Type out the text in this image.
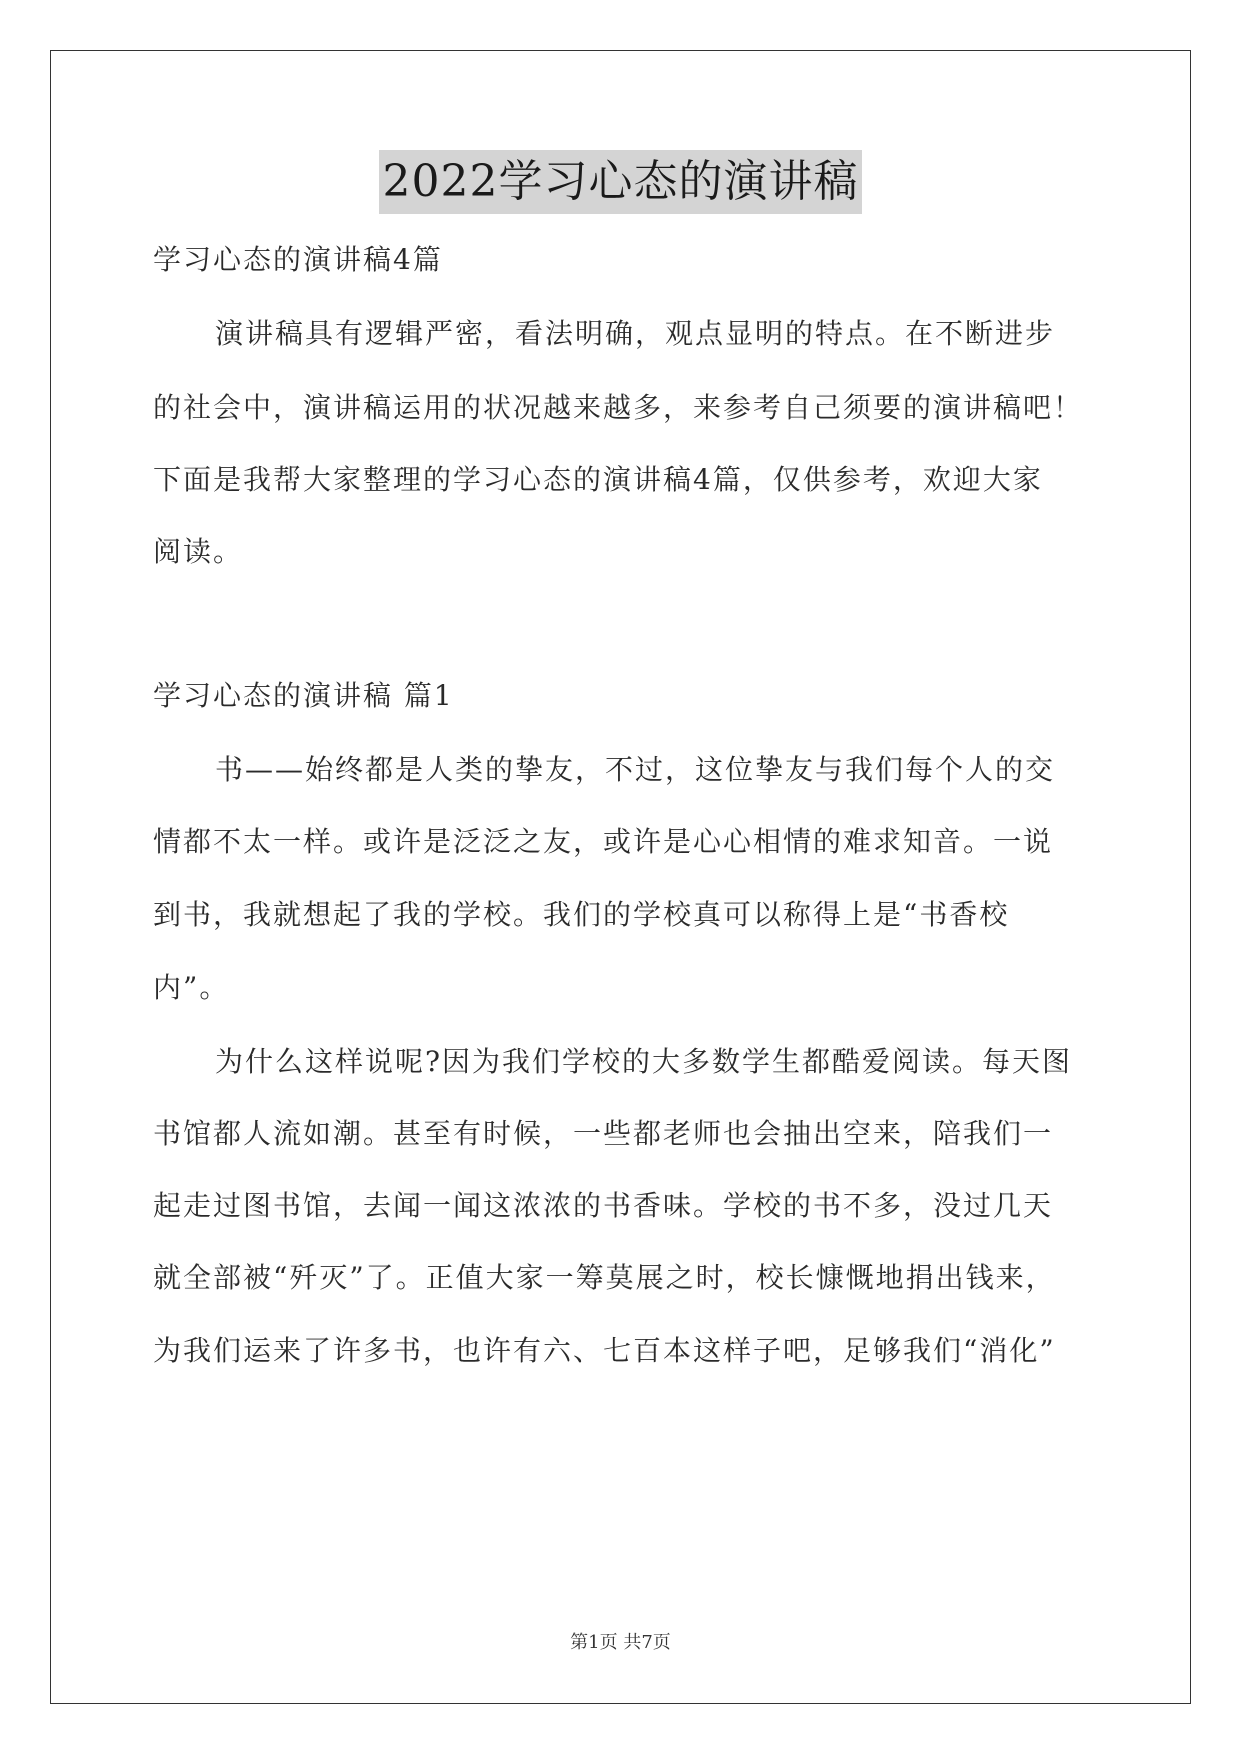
2022学习心态的演讲稿
学习心态的演讲稿4篇
演讲稿具有逻辑严密，看法明确，观点显明的特点。在不断进步
的社会中，演讲稿运用的状况越来越多，来参考自己须要的演讲稿吧！
下面是我帮大家整理的学习心态的演讲稿4篇，仅供参考，欢迎大家
阅读。
学习心态的演讲稿 篇1
书——始终都是人类的挚友，不过，这位挚友与我们每个人的交
情都不太一样。或许是泛泛之友，或许是心心相情的难求知音。一说
到书，我就想起了我的学校。我们的学校真可以称得上是“书香校
内”。
为什么这样说呢?因为我们学校的大多数学生都酷爱阅读。每天图
书馆都人流如潮。甚至有时候，一些都老师也会抽出空来，陪我们一
起走过图书馆，去闻一闻这浓浓的书香味。学校的书不多，没过几天
就全部被“歼灭”了。正值大家一筹莫展之时，校长慷慨地捐出钱来，
为我们运来了许多书，也许有六、七百本这样子吧，足够我们“消化”
第1页 共7页
